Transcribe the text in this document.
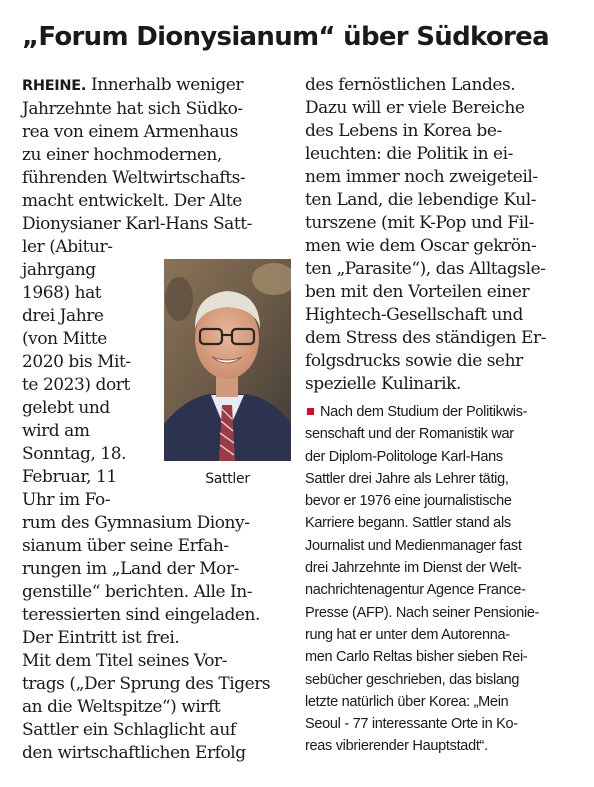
„Forum Dionysianum“ über Südkorea
RHEINE. Innerhalb weniger
Jahrzehnte hat sich Südko-
rea von einem Armenhaus
zu einer hochmodernen,
führenden Weltwirtschafts-
macht entwickelt. Der Alte
Dionysianer Karl-Hans Satt-
ler (Abitur-
jahrgang
1968) hat
drei Jahre
(von Mitte
2020 bis Mit-
te 2023) dort
gelebt und
wird am
Sonntag, 18.
Februar, 11
Uhr im Fo-
rum des Gymnasium Diony-
sianum über seine Erfah-
rungen im „Land der Mor-
genstille“ berichten. Alle In-
teressierten sind eingeladen.
Der Eintritt ist frei.
Mit dem Titel seines Vor-
trags („Der Sprung des Tigers
an die Weltspitze“) wirft
Sattler ein Schlaglicht auf
den wirtschaftlichen Erfolg
Sattler
des fernöstlichen Landes.
Dazu will er viele Bereiche
des Lebens in Korea be-
leuchten: die Politik in ei-
nem immer noch zweigeteil-
ten Land, die lebendige Kul-
turszene (mit K-Pop und Fil-
men wie dem Oscar gekrön-
ten „Parasite“), das Alltagsle-
ben mit den Vorteilen einer
Hightech-Gesellschaft und
dem Stress des ständigen Er-
folgsdrucks sowie die sehr
spezielle Kulinarik.
Nach dem Studium der Politikwis-
senschaft und der Romanistik war
der Diplom-Politologe Karl-Hans
Sattler drei Jahre als Lehrer tätig,
bevor er 1976 eine journalistische
Karriere begann. Sattler stand als
Journalist und Medienmanager fast
drei Jahrzehnte im Dienst der Welt-
nachrichtenagentur Agence France-
Presse (AFP). Nach seiner Pensionie-
rung hat er unter dem Autorenna-
men Carlo Reltas bisher sieben Rei-
sebücher geschrieben, das bislang
letzte natürlich über Korea: „Mein
Seoul - 77 interessante Orte in Ko-
reas vibrierender Hauptstadt“.
